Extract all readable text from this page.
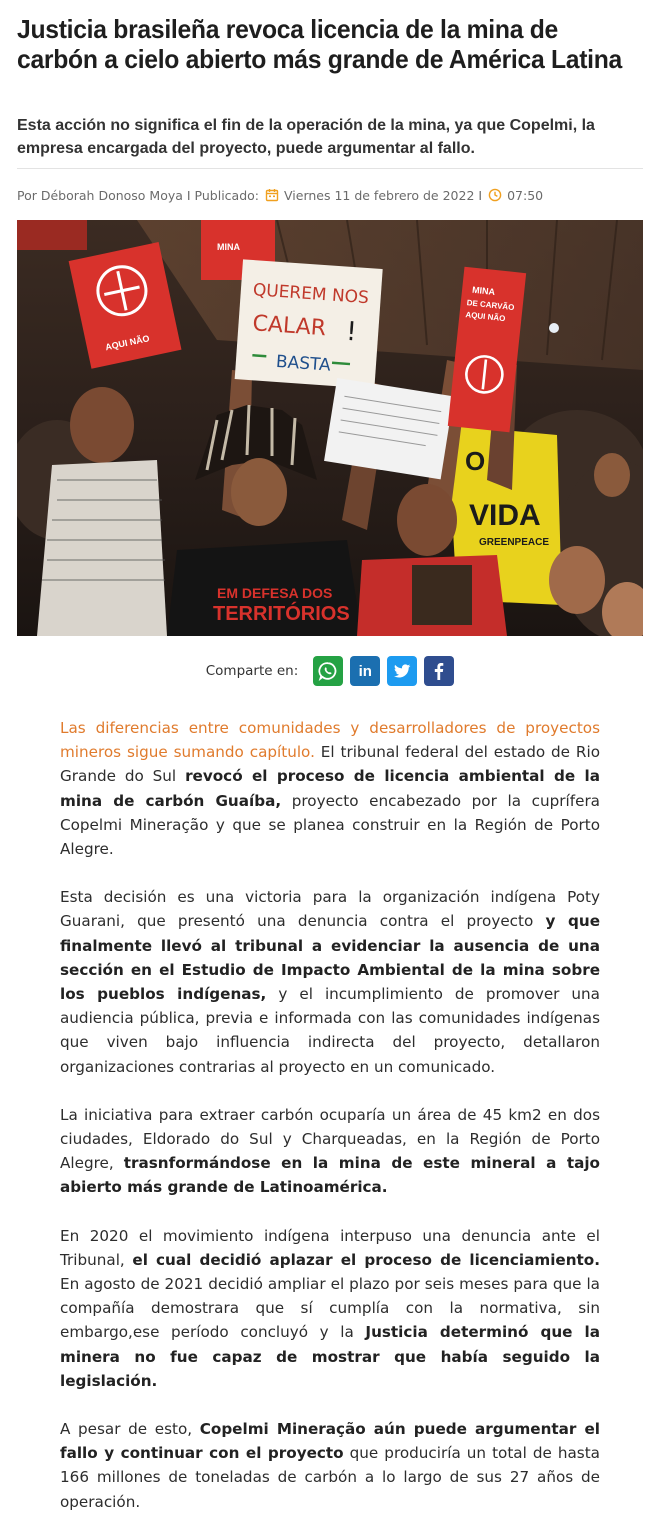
Justicia brasileña revoca licencia de la mina de carbón a cielo abierto más grande de América Latina
Esta acción no significa el fin de la operación de la mina, ya que Copelmi, la empresa encargada del proyecto, puede argumentar al fallo.
Por Déborah Donoso Moya I Publicado: Viernes 11 de febrero de 2022 I 07:50
O
VIDA
GREENPEACE
AQUI NÃO
MINA
QUEREM NOS
CALAR !
BASTA
EM DEFESA DOS
TERRITÓRIOS
MINA
DE CARVÃO
AQUI NÃO
Comparte en:	in

Las diferencias entre comunidades y desarrolladores de proyectos mineros sigue sumando capítulo. El tribunal federal del estado de Rio Grande do Sul revocó el proceso de licencia ambiental de la mina de carbón Guaíba, proyecto encabezado por la cuprífera Copelmi Mineração y que se planea construir en la Región de Porto Alegre.

Esta decisión es una victoria para la organización indígena Poty Guarani, que presentó una denuncia contra el proyecto y que finalmente llevó al tribunal a evidenciar la ausencia de una sección en el Estudio de Impacto Ambiental de la mina sobre los pueblos indígenas, y el incumplimiento de promover una audiencia pública, previa e informada con las comunidades indígenas que viven bajo influencia indirecta del proyecto, detallaron organizaciones contrarias al proyecto en un comunicado.

La iniciativa para extraer carbón ocuparía un área de 45 km2 en dos ciudades, Eldorado do Sul y Charqueadas, en la Región de Porto Alegre, trasnformándose en la mina de este mineral a tajo abierto más grande de Latinoamérica.

En 2020 el movimiento indígena interpuso una denuncia ante el Tribunal, el cual decidió aplazar el proceso de licenciamiento. En agosto de 2021 decidió ampliar el plazo por seis meses para que la compañía demostrara que sí cumplía con la normativa, sin embargo,ese período concluyó y la Justicia determinó que la minera no fue capaz de mostrar que había seguido la legislación.

A pesar de esto, Copelmi Mineração aún puede argumentar el fallo y continuar con el proyecto que produciría un total de hasta 166 millones de toneladas de carbón a lo largo de sus 27 años de operación.
